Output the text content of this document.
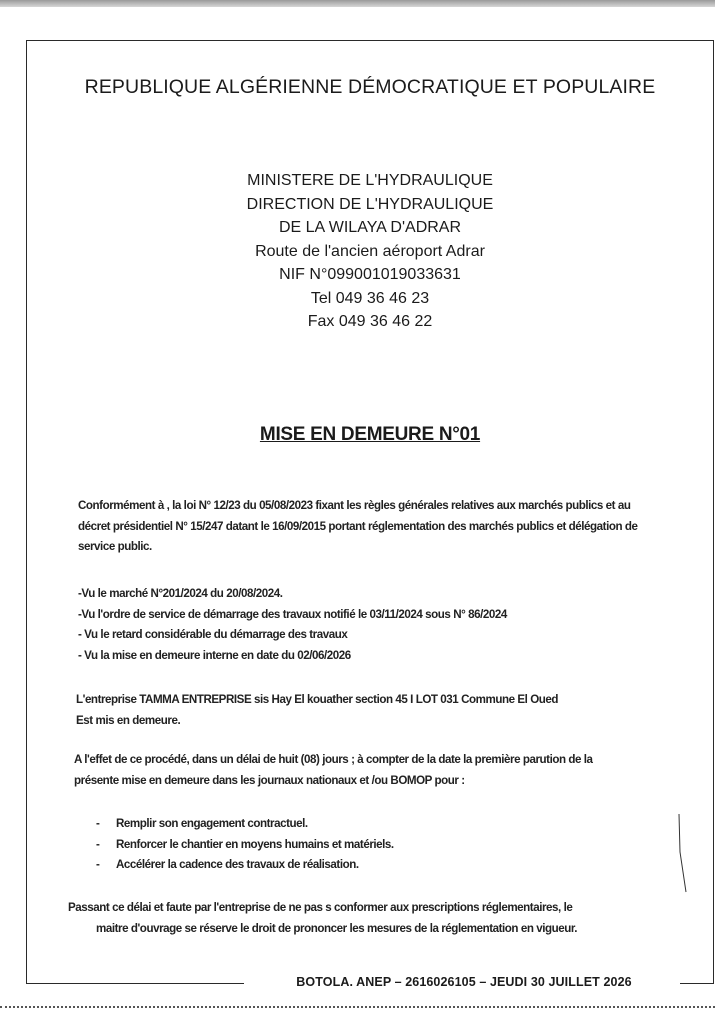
REPUBLIQUE ALGÉRIENNE DÉMOCRATIQUE ET POPULAIRE
MINISTERE DE L'HYDRAULIQUE
DIRECTION DE L'HYDRAULIQUE
DE LA WILAYA D'ADRAR
Route de l'ancien aéroport Adrar
NIF N°099001019033631
Tel 049 36 46 23
Fax 049 36 46 22
MISE EN DEMEURE N°01
Conformément à , la loi N° 12/23 du 05/08/2023 fixant les règles générales relatives aux marchés publics et au décret présidentiel N° 15/247 datant le 16/09/2015 portant réglementation des marchés publics et délégation de service public.
-Vu le marché N°201/2024 du 20/08/2024.
-Vu l'ordre de service de démarrage des travaux notifié le 03/11/2024 sous N° 86/2024
- Vu le retard considérable du démarrage des travaux
- Vu la mise en demeure interne en date du 02/06/2026
L'entreprise TAMMA ENTREPRISE sis Hay El kouather section 45 I LOT 031 Commune El Oued
Est mis en demeure.
A l'effet de ce procédé, dans un délai de huit (08) jours ; à compter de la date la première parution de la
présente mise en demeure dans les journaux nationaux et /ou BOMOP pour :
- Remplir son engagement contractuel.
- Renforcer le chantier en moyens humains et matériels.
- Accélérer la cadence des travaux de réalisation.
Passant ce délai et faute par l'entreprise de ne pas s conformer aux prescriptions réglementaires, le
maitre d'ouvrage se réserve le droit de prononcer les mesures de la réglementation en vigueur.
BOTOLA. ANEP – 2616026105 – JEUDI 30 JUILLET 2026
